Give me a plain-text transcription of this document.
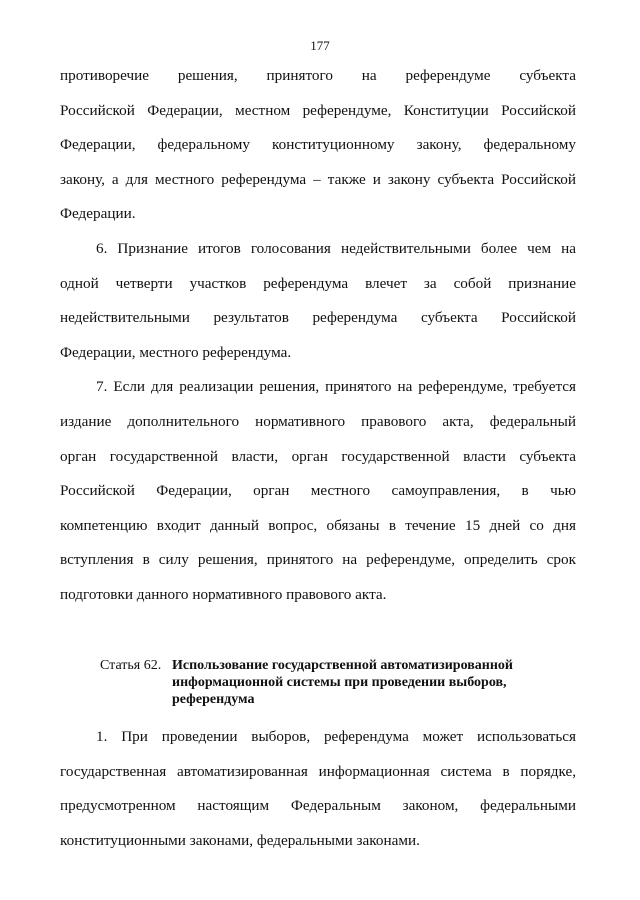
177
противоречие решения, принятого на референдуме субъекта
Российской Федерации, местном референдуме, Конституции Российской
Федерации, федеральному конституционному закону, федеральному
закону, а для местного референдума – также и закону субъекта Российской
Федерации.
6. Признание итогов голосования недействительными более чем на
одной четверти участков референдума влечет за собой признание
недействительными результатов референдума субъекта Российской
Федерации, местного референдума.
7. Если для реализации решения, принятого на референдуме, требуется
издание дополнительного нормативного правового акта, федеральный
орган государственной власти, орган государственной власти субъекта
Российской Федерации, орган местного самоуправления, в чью
компетенцию входит данный вопрос, обязаны в течение 15 дней со дня
вступления в силу решения, принятого на референдуме, определить срок
подготовки данного нормативного правового акта.
Статья 62. Использование государственной автоматизированной
информационной системы при проведении выборов,
референдума
1. При проведении выборов, референдума может использоваться
государственная автоматизированная информационная система в порядке,
предусмотренном настоящим Федеральным законом, федеральными
конституционными законами, федеральными законами.
